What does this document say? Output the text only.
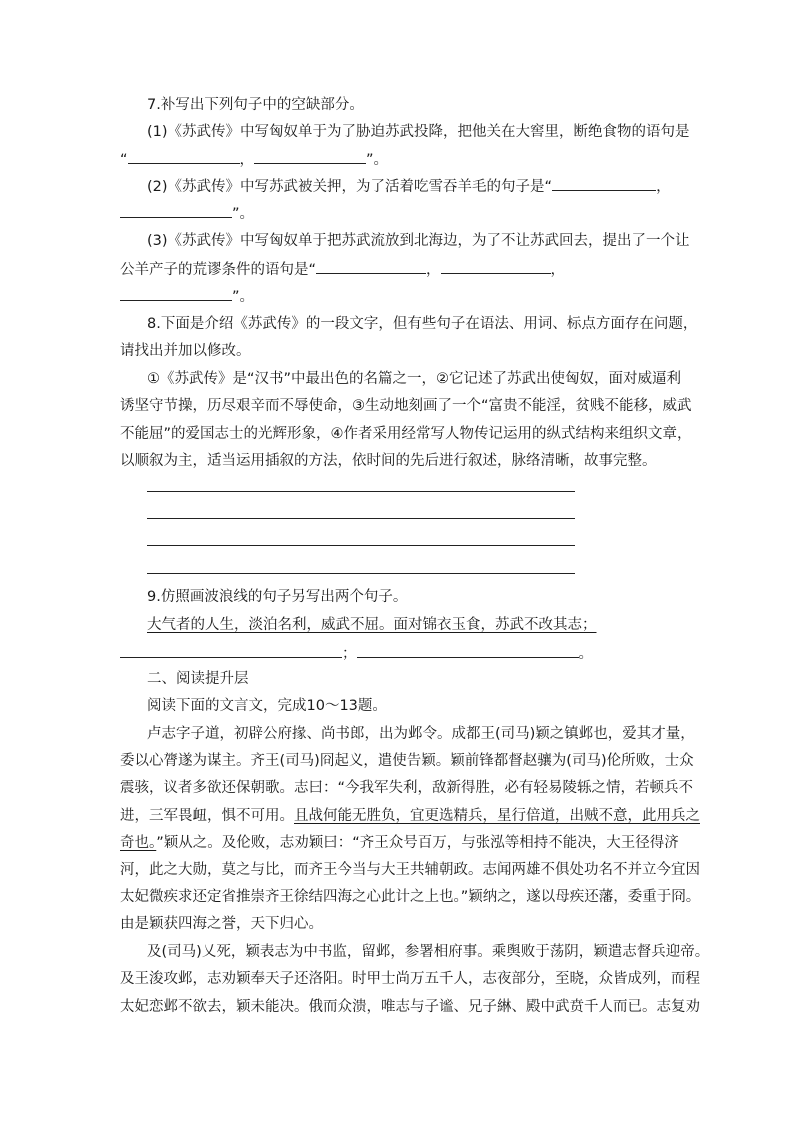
7.补写出下列句子中的空缺部分。

(1)《苏武传》中写匈奴单于为了胁迫苏武投降，把他关在大窖里，断绝食物的语句是

“	，	”。

(2)《苏武传》中写苏武被关押，为了活着吃雪吞羊毛的句子是“	，

”。

(3)《苏武传》中写匈奴单于把苏武流放到北海边，为了不让苏武回去，提出了一个让

公羊产子的荒谬条件的语句是“	，	，

”。

8.下面是介绍《苏武传》的一段文字，但有些句子在语法、用词、标点方面存在问题，

请找出并加以修改。

①《苏武传》是“汉书”中最出色的名篇之一，②它记述了苏武出使匈奴，面对威逼利

诱坚守节操，历尽艰辛而不辱使命，③生动地刻画了一个“富贵不能淫，贫贱不能移，威武

不能屈”的爱国志士的光辉形象，④作者采用经常写人物传记运用的纵式结构来组织文章，

以顺叙为主，适当运用插叙的方法，依时间的先后进行叙述，脉络清晰，故事完整。

9.仿照画波浪线的句子另写出两个句子。

大气者的人生，淡泊名利，威武不屈。面对锦衣玉食，苏武不改其志；

；	。

二、阅读提升层

阅读下面的文言文，完成10～13题。

卢志字子道，初辟公府掾、尚书郎，出为邺令。成都王(司马)颖之镇邺也，爱其才量，

委以心膂遂为谋主。齐王(司马)冏起义，遣使告颖。颖前锋都督赵骧为(司马)伦所败，士众

震骇，议者多欲还保朝歌。志曰：“今我军失利，敌新得胜，必有轻易陵轹之情，若顿兵不

进，三军畏衄，惧不可用。且战何能无胜负，宜更选精兵，星行倍道，出贼不意，此用兵之

奇也。”颖从之。及伦败，志劝颖曰：“齐王众号百万，与张泓等相持不能决，大王径得济

河，此之大勋，莫之与比，而齐王今当与大王共辅朝政。志闻两雄不俱处功名不并立今宜因

太妃微疾求还定省推崇齐王徐结四海之心此计之上也。”颖纳之，遂以母疾还藩，委重于冏。

由是颖获四海之誉，天下归心。

及(司马)乂死，颖表志为中书监，留邺，参署相府事。乘舆败于荡阴，颖遣志督兵迎帝。

及王浚攻邺，志劝颖奉天子还洛阳。时甲士尚万五千人，志夜部分，至晓，众皆成列，而程

太妃恋邺不欲去，颖未能决。俄而众溃，唯志与子谧、兄子綝、殿中武贲千人而已。志复劝
